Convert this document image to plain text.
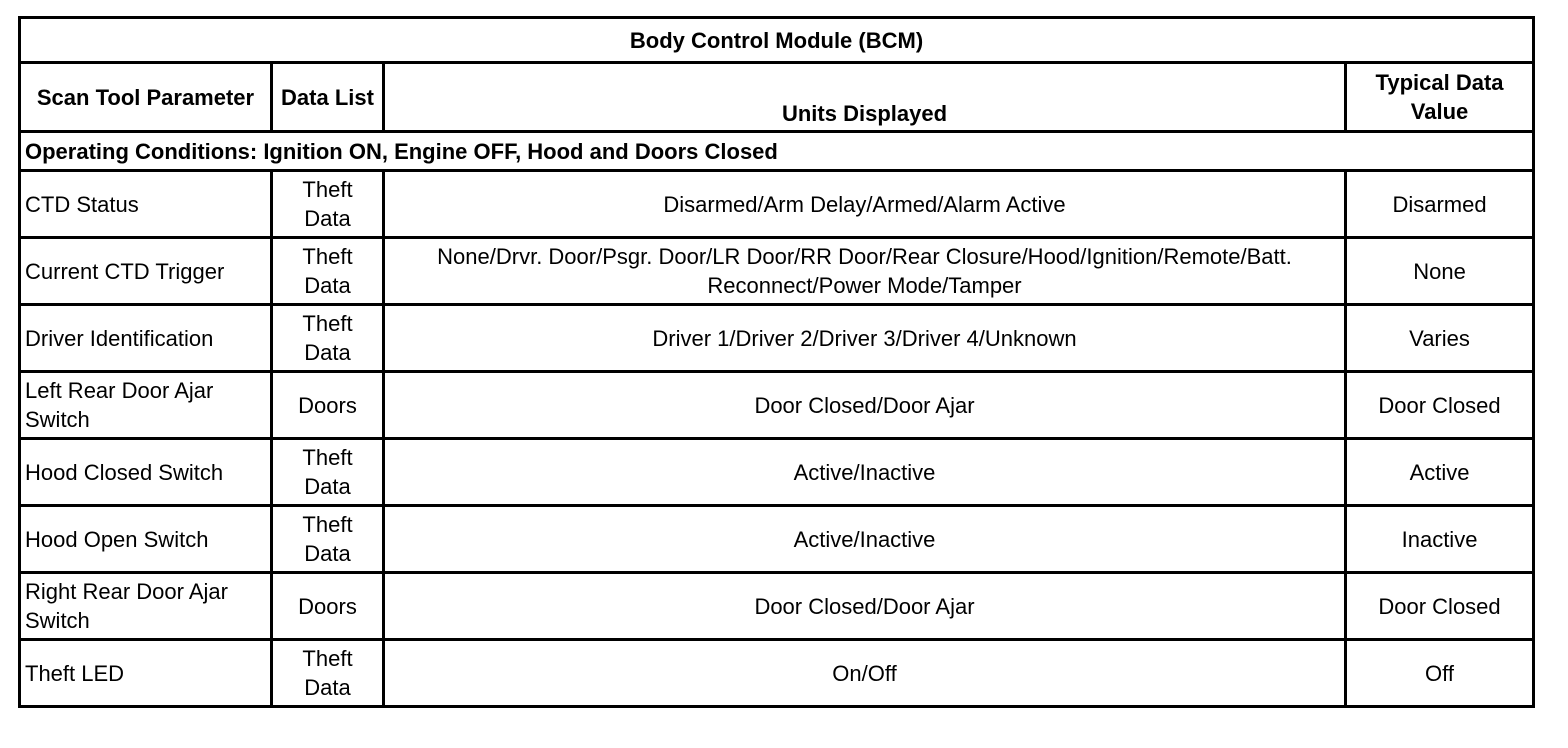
Body Control Module (BCM)			
Scan Tool Parameter	Data List	Units Displayed	Typical Data Value
Operating Conditions: Ignition ON, Engine OFF, Hood and Doors Closed			
CTD Status	Theft Data	Disarmed/Arm Delay/Armed/Alarm Active	Disarmed
Current CTD Trigger	Theft Data	None/Drvr. Door/Psgr. Door/LR Door/RR Door/Rear Closure/Hood/Ignition/Remote/Batt. Reconnect/Power Mode/Tamper	None
Driver Identification	Theft Data	Driver 1/Driver 2/Driver 3/Driver 4/Unknown	Varies
Left Rear Door Ajar Switch	Doors	Door Closed/Door Ajar	Door Closed
Hood Closed Switch	Theft Data	Active/Inactive	Active
Hood Open Switch	Theft Data	Active/Inactive	Inactive
Right Rear Door Ajar Switch	Doors	Door Closed/Door Ajar	Door Closed
Theft LED	Theft Data	On/Off	Off
